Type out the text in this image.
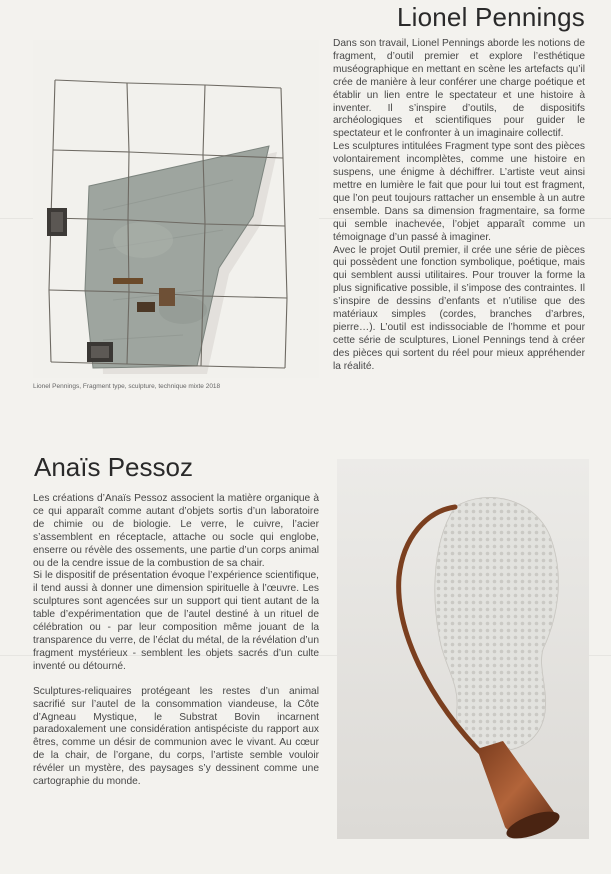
Lionel Pennings
Lionel Pennings, Fragment type, sculpture, technique mixte 2018

Dans son travail, Lionel Pennings aborde les notions de fragment, d’outil premier et explore l’esthétique muséographique en mettant en scène les artefacts qu’il crée de manière à leur conférer une charge poétique et établir un lien entre le spectateur et une histoire à inventer. Il s’inspire d’outils, de dispositifs archéologiques et scientifiques pour guider le spectateur et le confronter à un imaginaire collectif.

Les sculptures intitulées Fragment type sont des pièces volontairement incomplètes, comme une histoire en suspens, une énigme à déchiffrer. L’artiste veut ainsi mettre en lumière le fait que pour lui tout est fragment, que l’on peut toujours rattacher un ensemble à un autre ensemble. Dans sa dimension fragmentaire, sa forme qui semble inachevée, l’objet apparaît comme un témoignage d’un passé à imaginer.

Avec le projet Outil premier, il crée une série de pièces qui possèdent une fonction symbolique, poétique, mais qui semblent aussi utilitaires. Pour trouver la forme la plus significative possible, il s’impose des contraintes. Il s’inspire de dessins d’enfants et n’utilise que des matériaux simples (cordes, branches d’arbres, pierre…). L’outil est indissociable de l’homme et pour cette série de sculptures, Lionel Pennings tend à créer des pièces qui sortent du réel pour mieux appréhender la réalité.

Anaïs Pessoz

Les créations d’Anaïs Pessoz associent la matière organique à ce qui apparaît comme autant d’objets sortis d’un laboratoire de chimie ou de biologie. Le verre, le cuivre, l’acier s’assemblent en réceptacle, attache ou socle qui englobe, enserre ou révèle des ossements, une partie d’un corps animal ou de la cendre issue de la combustion de sa chair.

Si le dispositif de présentation évoque l’expérience scientifique, il tend aussi à donner une dimension spirituelle à l’œuvre. Les sculptures sont agencées sur un support qui tient autant de la table d’expérimentation que de l’autel destiné à un rituel de célébration ou - par leur composition même jouant de la transparence du verre, de l’éclat du métal, de la révélation d’un fragment mystérieux - semblent les objets sacrés d’un culte inventé ou détourné.

Sculptures-reliquaires protégeant les restes d’un animal sacrifié sur l’autel de la consommation viandeuse, la Côte d’Agneau Mystique, le Substrat Bovin incarnent paradoxalement une considération antispéciste du rapport aux êtres, comme un désir de communion avec le vivant. Au cœur de la chair, de l’organe, du corps, l’artiste semble vouloir révéler un mystère, des paysages s’y dessinent comme une cartographie du monde.
